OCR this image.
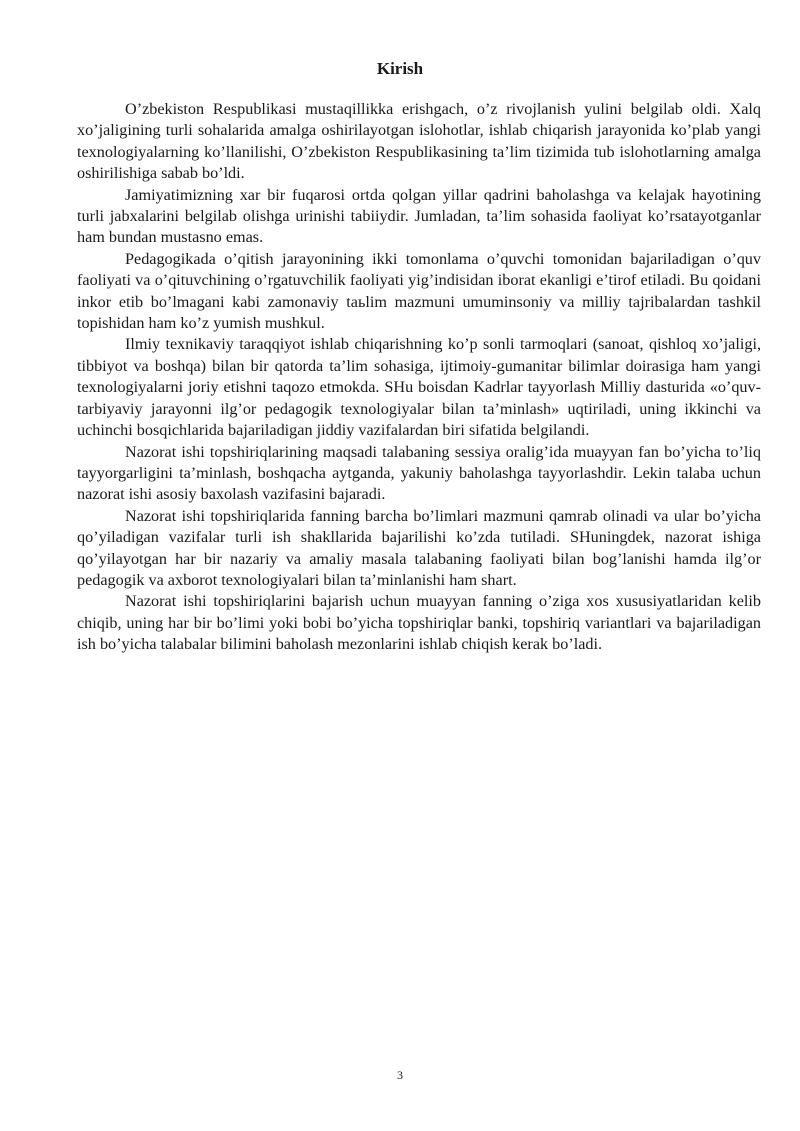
Kirish

O’zbekiston Respublikasi mustaqillikka erishgach, o’z rivojlanish yulini belgilab oldi. Xalq xo’jaligining turli sohalarida amalga oshirilayotgan islohotlar, ishlab chiqarish jarayonida ko’plab yangi texnologiyalarning ko’llanilishi, O’zbekiston Respublikasining ta’lim tizimida tub islohotlarning amalga oshirilishiga sabab bo’ldi.

Jamiyatimizning xar bir fuqarosi ortda qolgan yillar qadrini baholashga va kelajak hayotining turli jabxalarini belgilab olishga urinishi tabiiydir. Jumladan, ta’lim sohasida faoliyat ko’rsatayotganlar ham bundan mustasno emas.

Pedagogikada o’qitish jarayonining ikki tomonlama o’quvchi tomonidan bajariladigan o’quv faoliyati va o’qituvchining o’rgatuvchilik faoliyati yig’indisidan iborat ekanligi e’tirof etiladi. Bu qoidani inkor etib bo’lmagani kabi zamonaviy taьlim mazmuni umuminsoniy va milliy tajribalardan tashkil topishidan ham ko’z yumish mushkul.

Ilmiy texnikaviy taraqqiyot ishlab chiqarishning ko’p sonli tarmoqlari (sanoat, qishloq xo’jaligi, tibbiyot va boshqa) bilan bir qatorda ta’lim sohasiga, ijtimoiy-gumanitar bilimlar doirasiga ham yangi texnologiyalarni joriy etishni taqozo etmokda. SHu boisdan Kadrlar tayyorlash Milliy dasturida «o’quv-tarbiyaviy jarayonni ilg’or pedagogik texnologiyalar bilan ta’minlash» uqtiriladi, uning ikkinchi va uchinchi bosqichlarida bajariladigan jiddiy vazifalardan biri sifatida belgilandi.

Nazorat ishi topshiriqlarining maqsadi talabaning sessiya oralig’ida muayyan fan bo’yicha to’liq tayyorgarligini ta’minlash, boshqacha aytganda, yakuniy baholashga tayyorlashdir. Lekin talaba uchun nazorat ishi asosiy baxolash vazifasini bajaradi.

Nazorat ishi topshiriqlarida fanning barcha bo’limlari mazmuni qamrab olinadi va ular bo’yicha qo’yiladigan vazifalar turli ish shakllarida bajarilishi ko’zda tutiladi. SHuningdek, nazorat ishiga qo’yilayotgan har bir nazariy va amaliy masala talabaning faoliyati bilan bog’lanishi hamda ilg’or pedagogik va axborot texnologiyalari bilan ta’minlanishi ham shart.

Nazorat ishi topshiriqlarini bajarish uchun muayyan fanning o’ziga xos xususiyatlaridan kelib chiqib, uning har bir bo’limi yoki bobi bo’yicha topshiriqlar banki, topshiriq variantlari va bajariladigan ish bo’yicha talabalar bilimini baholash mezonlarini ishlab chiqish kerak bo’ladi.

3
